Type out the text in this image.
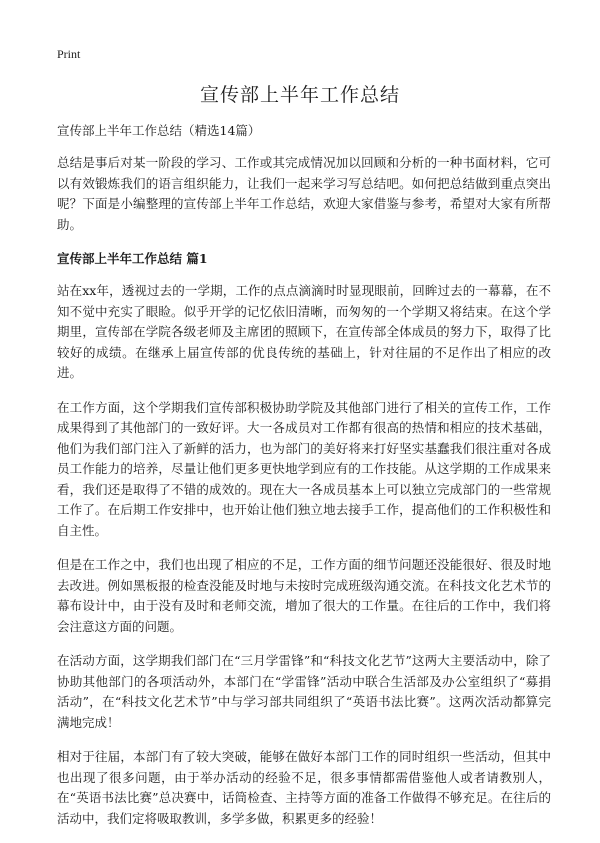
Print
宣传部上半年工作总结
宣传部上半年工作总结（精选14篇）

总结是事后对某一阶段的学习、工作或其完成情况加以回顾和分析的一种书面材料，它可以有效锻炼我们的语言组织能力，让我们一起来学习写总结吧。如何把总结做到重点突出呢？下面是小编整理的宣传部上半年工作总结，欢迎大家借鉴与参考，希望对大家有所帮助。

宣传部上半年工作总结 篇1

站在xx年，透视过去的一学期，工作的点点滴滴时时显现眼前，回眸过去的一幕幕，在不知不觉中充实了眼睑。似乎开学的记忆依旧清晰，而匆匆的一个学期又将结束。在这个学期里，宣传部在学院各级老师及主席团的照顾下，在宣传部全体成员的努力下，取得了比较好的成绩。在继承上届宣传部的优良传统的基础上，针对往届的不足作出了相应的改进。

在工作方面，这个学期我们宣传部积极协助学院及其他部门进行了相关的宣传工作，工作成果得到了其他部门的一致好评。大一各成员对工作都有很高的热情和相应的技术基础，他们为我们部门注入了新鲜的活力，也为部门的美好将来打好坚实基蠢我们很注重对各成员工作能力的培养，尽量让他们更多更快地学到应有的工作技能。从这学期的工作成果来看，我们还是取得了不错的成效的。现在大一各成员基本上可以独立完成部门的一些常规工作了。在后期工作安排中，也开始让他们独立地去接手工作，提高他们的工作积极性和自主性。

但是在工作之中，我们也出现了相应的不足，工作方面的细节问题还没能很好、很及时地去改进。例如黑板报的检查没能及时地与未按时完成班级沟通交流。在科技文化艺术节的幕布设计中，由于没有及时和老师交流，增加了很大的工作量。在往后的工作中，我们将会注意这方面的问题。

在活动方面，这学期我们部门在“三月学雷锋”和“科技文化艺节”这两大主要活动中，除了协助其他部门的各项活动外，本部门在“学雷锋”活动中联合生活部及办公室组织了“募捐活动”，在“科技文化艺术节”中与学习部共同组织了“英语书法比赛”。这两次活动都算完满地完成！

相对于往届，本部门有了较大突破，能够在做好本部门工作的同时组织一些活动，但其中也出现了很多问题，由于举办活动的经验不足，很多事情都需借鉴他人或者请教别人，在“英语书法比赛”总决赛中，话筒检查、主持等方面的准备工作做得不够充足。在往后的活动中，我们定将吸取教训，多学多做，积累更多的经验！
